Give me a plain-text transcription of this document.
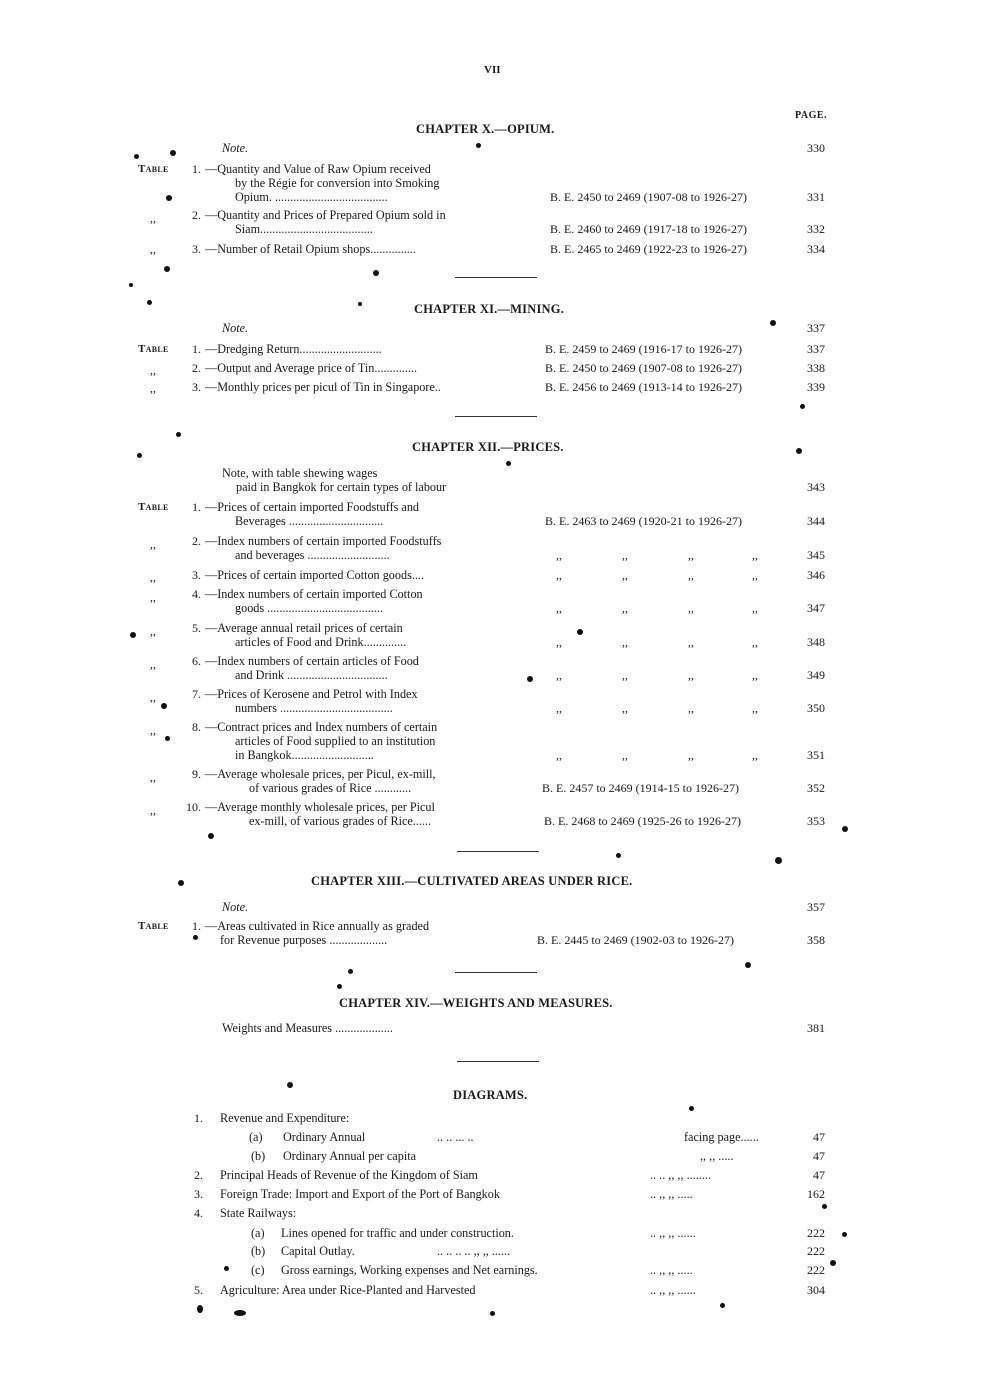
VII
PAGE.
CHAPTER X.—OPIUM.
Note.	330
Table 1. —Quantity and Value of Raw Opium received
by the Régie for conversion into Smoking
Opium. .....................................	B. E. 2450 to 2469 (1907-08 to 1926-27)	331
,,	2. —Quantity and Prices of Prepared Opium sold in
Siam.....................................	B. E. 2460 to 2469 (1917-18 to 1926-27)	332
,,	3. —Number of Retail Opium shops...............	B. E. 2465 to 2469 (1922-23 to 1926-27)	334
CHAPTER XI.—MINING.
Note.	337
Table 1. —Dredging Return...........................	B. E. 2459 to 2469 (1916-17 to 1926-27)	337
,,	2. —Output and Average price of Tin..............	B. E. 2450 to 2469 (1907-08 to 1926-27)	338
,,	3. —Monthly prices per picul of Tin in Singapore..	B. E. 2456 to 2469 (1913-14 to 1926-27)	339
CHAPTER XII.—PRICES.
Note, with table shewing wages
paid in Bangkok for certain types of labour	343
Table 1. —Prices of certain imported Foodstuffs and
Beverages ...............................	B. E. 2463 to 2469 (1920-21 to 1926-27)	344
,,	2. —Index numbers of certain imported Foodstuffs
and beverages ...........................	,,	,,	,,	,,	345
,,	3. —Prices of certain imported Cotton goods....	,,	,,	,,	,,	346
,,	4. —Index numbers of certain imported Cotton
goods ......................................	,,	,,	,,	,,	347
,,	5. —Average annual retail prices of certain
articles of Food and Drink..............	,,	,,	,,	,,	348
,,	6. —Index numbers of certain articles of Food
and Drink .................................	,,	,,	,,	,,	349
,,	7. —Prices of Kerosene and Petrol with Index
numbers .....................................	,,	,,	,,	,,	350
,,	8. —Contract prices and Index numbers of certain
articles of Food supplied to an institution
in Bangkok...........................	,,	,,	,,	,,	351
,,	9. —Average wholesale prices, per Picul, ex-mill,
of various grades of Rice ............	B. E. 2457 to 2469 (1914-15 to 1926-27)	352
,,	10. —Average monthly wholesale prices, per Picul
ex-mill, of various grades of Rice......	B. E. 2468 to 2469 (1925-26 to 1926-27)	353
CHAPTER XIII.—CULTIVATED AREAS UNDER RICE.
Note.	357
Table 1. —Areas cultivated in Rice annually as graded
for Revenue purposes ...................	B. E. 2445 to 2469 (1902-03 to 1926-27)	358
CHAPTER XIV.—WEIGHTS AND MEASURES.
Weights and Measures ...................	381
DIAGRAMS.
1. Revenue and Expenditure:
(a) Ordinary Annual	.. .. ... ..	facing page......	47
(b) Ordinary Annual per capita	,, ,, .....	47
2. Principal Heads of Revenue of the Kingdom of Siam	.. .. ,, ,, ........	47
3. Foreign Trade: Import and Export of the Port of Bangkok	.. ,, ,, .....	162
4. State Railways:
(a) Lines opened for traffic and under construction.	.. ,, ,, ......	222
(b) Capital Outlay.	.. .. .. .. ,, ,, ......	222
(c) Gross earnings, Working expenses and Net earnings.	.. ,, ,, .....	222
5. Agriculture: Area under Rice-Planted and Harvested	.. ,, ,, ......	304
